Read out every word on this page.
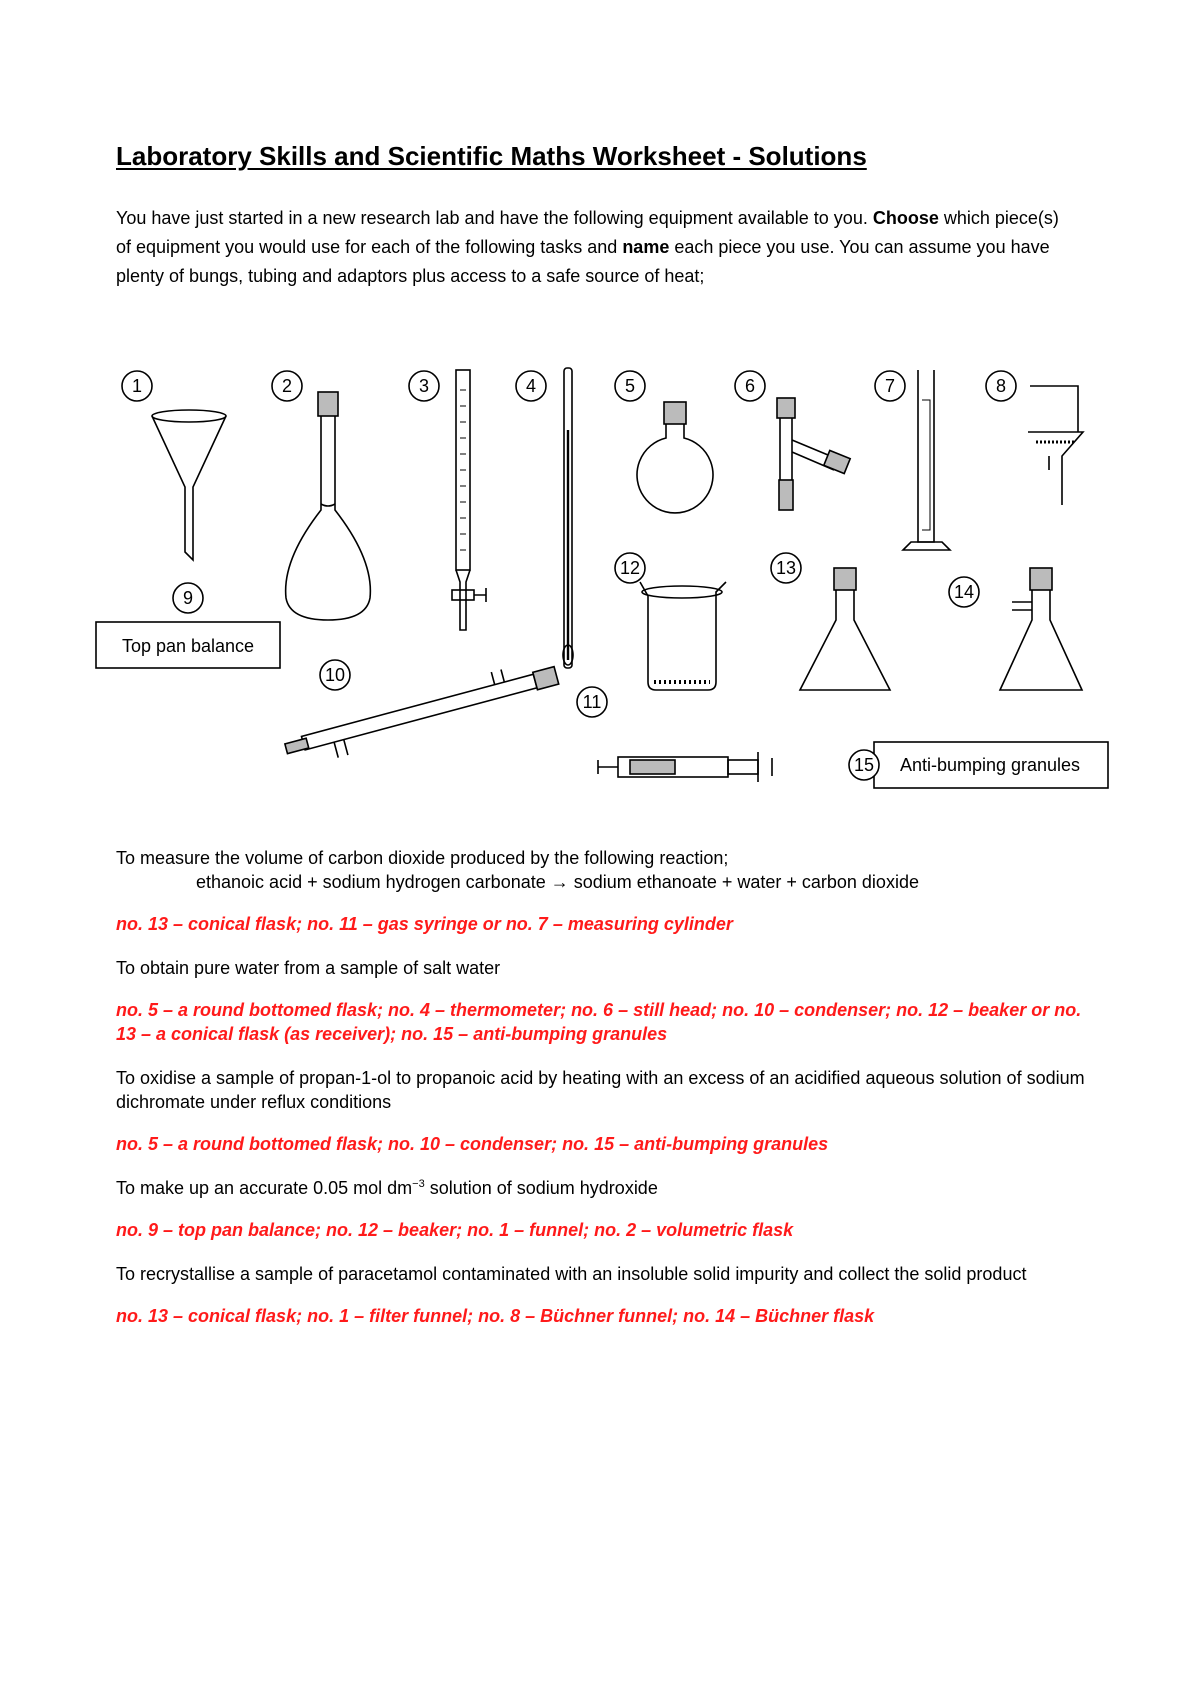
Laboratory Skills and Scientific Maths Worksheet - Solutions
You have just started in a new research lab and have the following equipment available to you. Choose which piece(s) of equipment you would use for each of the following tasks and name each piece you use. You can assume you have plenty of bungs, tubing and adaptors plus access to a safe source of heat;
1	2	3	4	5	6	7	8
9
Top pan balance
10
11
12	13
14
15 Anti-bumping granules
To measure the volume of carbon dioxide produced by the following reaction;
ethanoic acid + sodium hydrogen carbonate → sodium ethanoate + water + carbon dioxide
no. 13 – conical flask; no. 11 – gas syringe or no. 7 – measuring cylinder
To obtain pure water from a sample of salt water
no. 5 – a round bottomed flask; no. 4 – thermometer; no. 6 – still head; no. 10 – condenser; no. 12 – beaker or no. 13 – a conical flask (as receiver); no. 15 – anti-bumping granules
To oxidise a sample of propan-1-ol to propanoic acid by heating with an excess of an acidified aqueous solution of sodium dichromate under reflux conditions
no. 5 – a round bottomed flask; no. 10 – condenser; no. 15 – anti-bumping granules
To make up an accurate 0.05 mol $dm^{-3}$ solution of sodium hydroxide
no. 9 – top pan balance; no. 12 – beaker; no. 1 – funnel; no. 2 – volumetric flask
To recrystallise a sample of paracetamol contaminated with an insoluble solid impurity and collect the solid product
no. 13 – conical flask; no. 1 – filter funnel; no. 8 – Büchner funnel; no. 14 – Büchner flask
